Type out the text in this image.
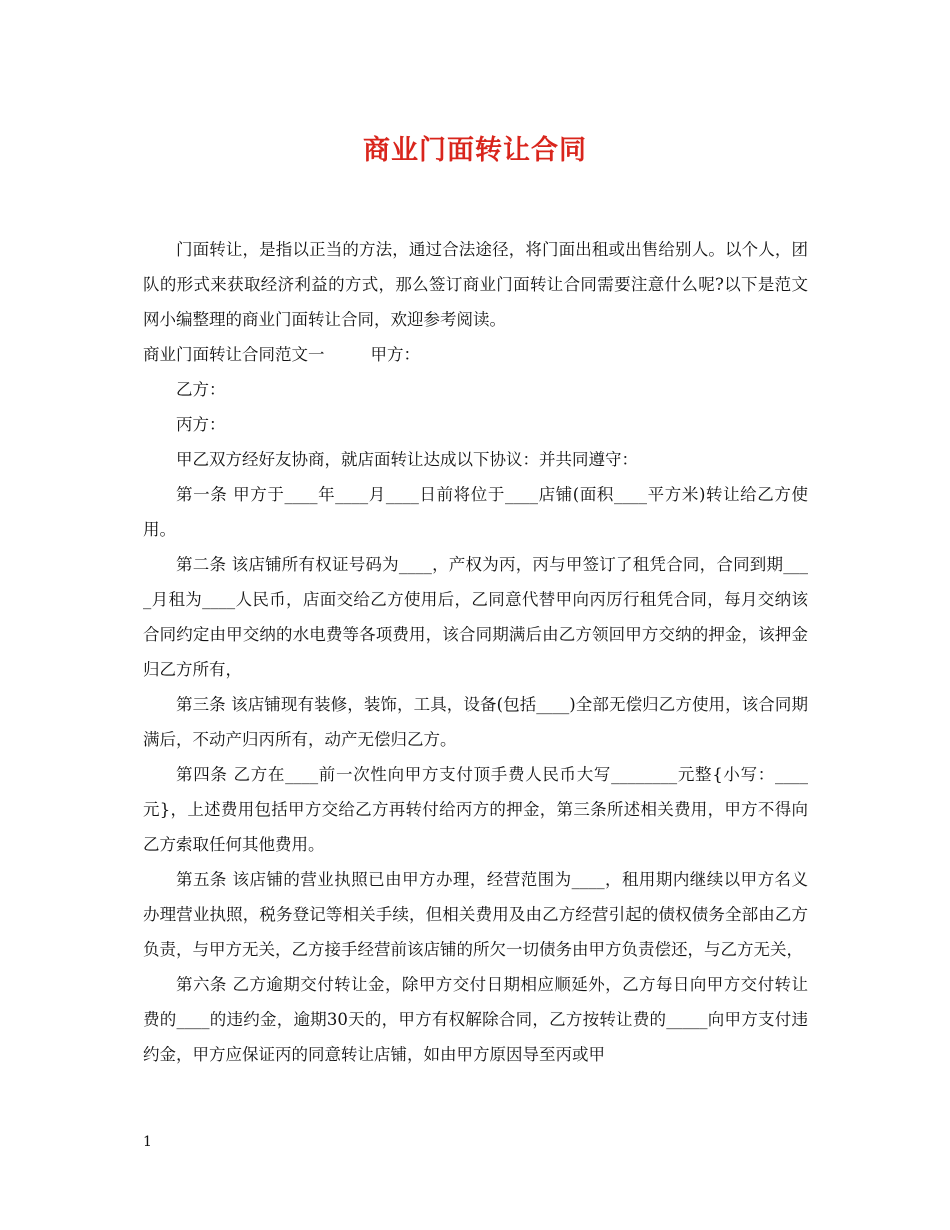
商业门面转让合同

门面转让，是指以正当的方法，通过合法途径，将门面出租或出售给别人。以个人，团队的形式来获取经济利益的方式，那么签订商业门面转让合同需要注意什么呢?以下是范文网小编整理的商业门面转让合同，欢迎参考阅读。

商业门面转让合同范文一	甲方：

乙方：

丙方：

甲乙双方经好友协商，就店面转让达成以下协议：并共同遵守：

第一条 甲方于____年____月____日前将位于____店铺(面积____平方米)转让给乙方使用。

第二条 该店铺所有权证号码为____，产权为丙，丙与甲签订了租凭合同，合同到期____月租为____人民币，店面交给乙方使用后，乙同意代替甲向丙厉行租凭合同，每月交纳该合同约定由甲交纳的水电费等各项费用，该合同期满后由乙方领回甲方交纳的押金，该押金归乙方所有，

第三条 该店铺现有装修，装饰，工具，设备(包括____)全部无偿归乙方使用，该合同期满后，不动产归丙所有，动产无偿归乙方。

第四条 乙方在____前一次性向甲方支付顶手费人民币大写________元整{小写：____元}，上述费用包括甲方交给乙方再转付给丙方的押金，第三条所述相关费用，甲方不得向乙方索取任何其他费用。

第五条 该店铺的营业执照已由甲方办理，经营范围为____，租用期内继续以甲方名义办理营业执照，税务登记等相关手续，但相关费用及由乙方经营引起的债权债务全部由乙方负责，与甲方无关，乙方接手经营前该店铺的所欠一切债务由甲方负责偿还，与乙方无关，

第六条 乙方逾期交付转让金，除甲方交付日期相应顺延外，乙方每日向甲方交付转让费的____的违约金，逾期30天的，甲方有权解除合同，乙方按转让费的_____向甲方支付违约金，甲方应保证丙的同意转让店铺，如由甲方原因导至丙或甲

1
